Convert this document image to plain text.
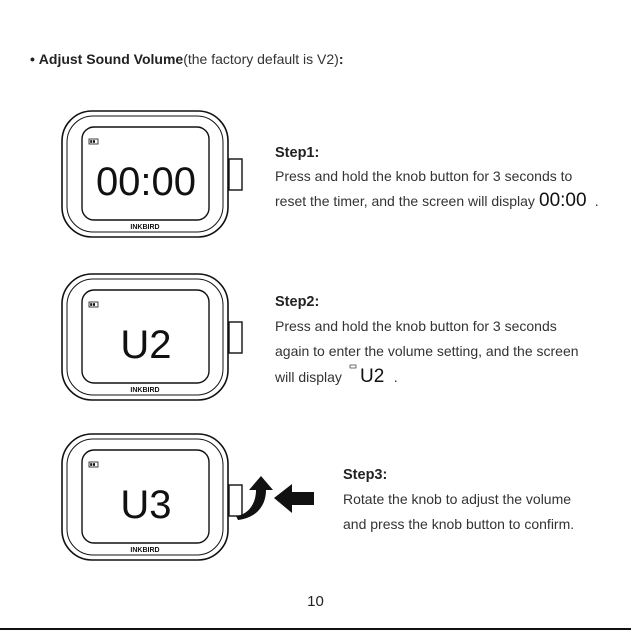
• Adjust Sound Volume(the factory default is V2):
00:00
INKBIRD
Step1:
Press and hold the knob button for 3 seconds to
reset the timer, and the screen will display 00:00 .
U2
INKBIRD
Step2:
Press and hold the knob button for 3 seconds
again to enter the volume setting, and the screen
will display U2 .
U3
INKBIRD
Step3:
Rotate the knob to adjust the volume
and press the knob button to confirm.
10
